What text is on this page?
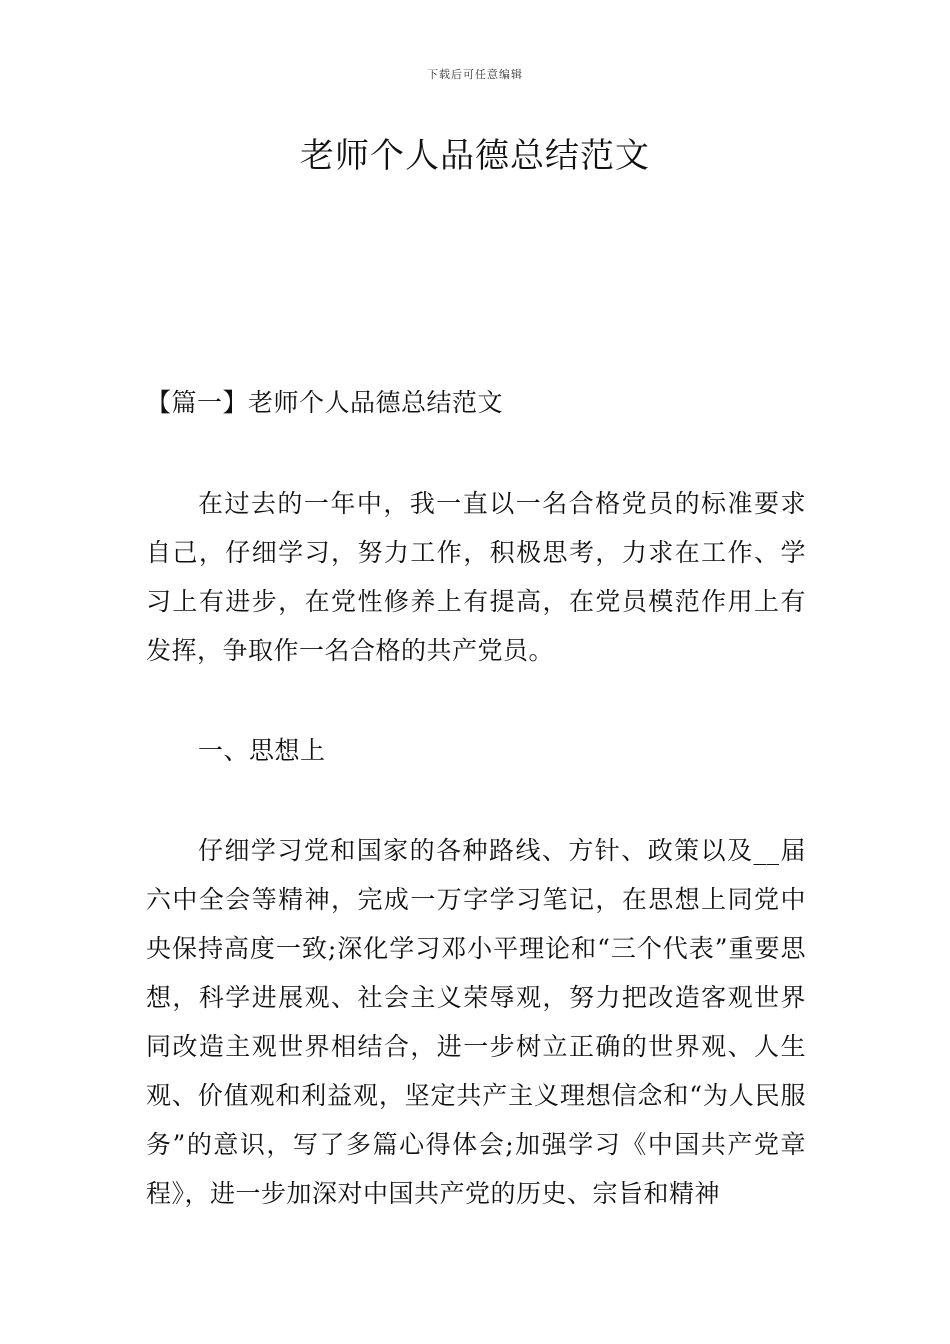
下载后可任意编辑
老师个人品德总结范文

【篇一】老师个人品德总结范文

在过去的一年中，我一直以一名合格党员的标准要求自己，仔细学习，努力工作，积极思考，力求在工作、学习上有进步，在党性修养上有提高，在党员模范作用上有发挥，争取作一名合格的共产党员。

一、思想上

仔细学习党和国家的各种路线、方针、政策以及__届六中全会等精神，完成一万字学习笔记，在思想上同党中央保持高度一致;深化学习邓小平理论和“三个代表”重要思想，科学进展观、社会主义荣辱观，努力把改造客观世界同改造主观世界相结合，进一步树立正确的世界观、人生观、价值观和利益观，坚定共产主义理想信念和“为人民服务”的意识，写了多篇心得体会;加强学习《中国共产党章程》，进一步加深对中国共产党的历史、宗旨和精神
